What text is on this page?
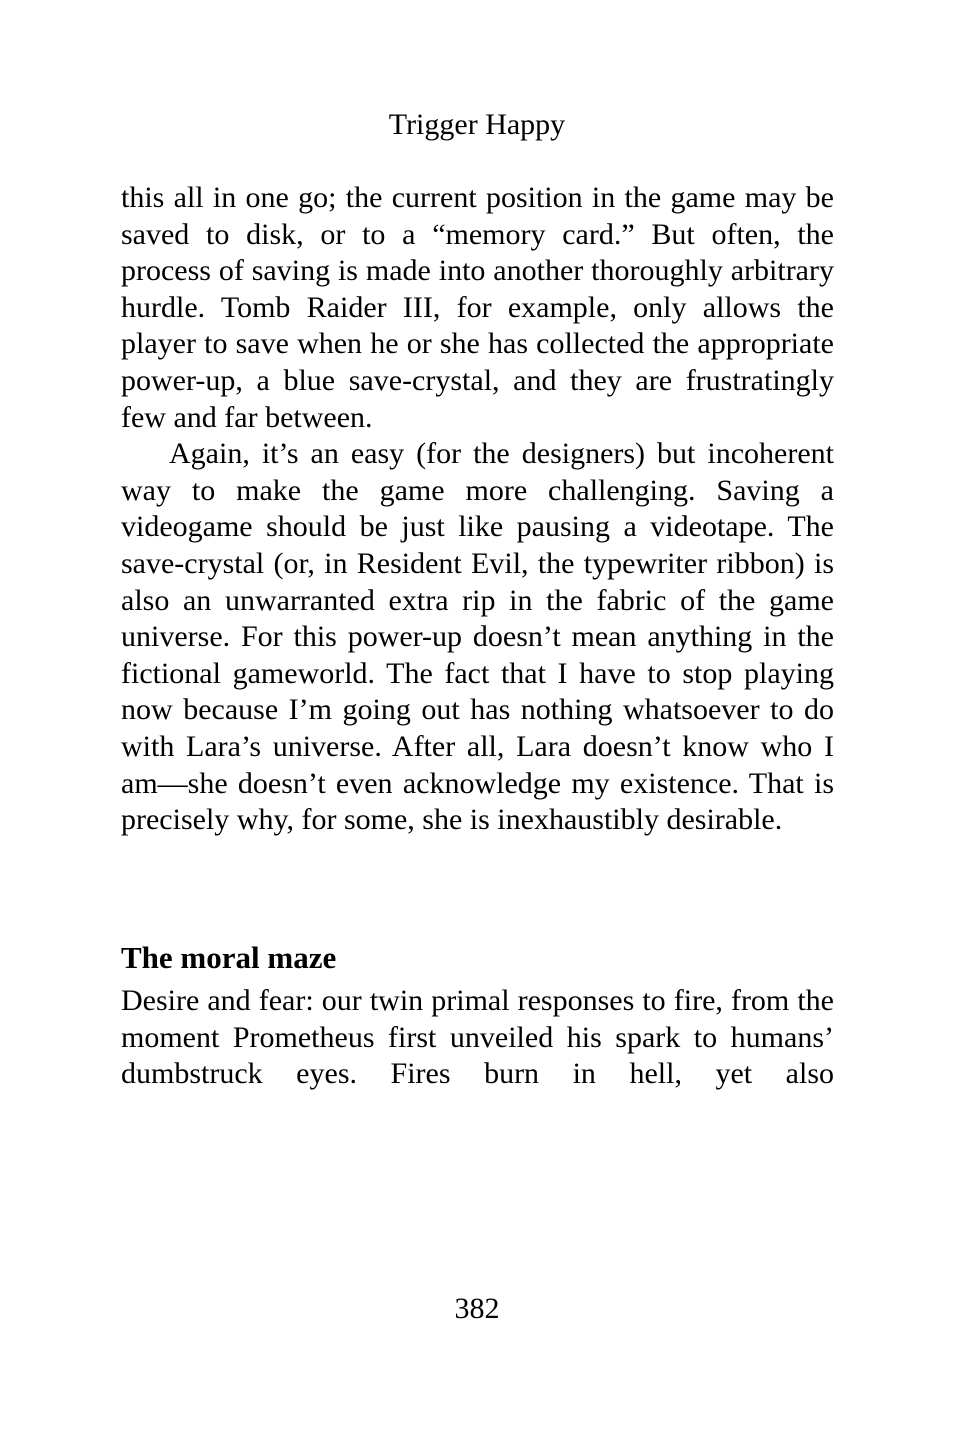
Trigger Happy

this all in one go; the current position in the game may be saved to disk, or to a “memory card.” But often, the process of saving is made into another thoroughly arbitrary hurdle. Tomb Raider III, for example, only allows the player to save when he or she has collected the appropriate power-up, a blue save-crystal, and they are frustratingly few and far between.

Again, it’s an easy (for the designers) but incoherent way to make the game more challenging. Saving a videogame should be just like pausing a videotape. The save-crystal (or, in Resident Evil, the typewriter ribbon) is also an unwarranted extra rip in the fabric of the game universe. For this power-up doesn’t mean anything in the fictional gameworld. The fact that I have to stop playing now because I’m going out has nothing whatsoever to do with Lara’s universe. After all, Lara doesn’t know who I am—she doesn’t even acknowledge my existence. That is precisely why, for some, she is inexhaustibly desirable.

The moral maze

Desire and fear: our twin primal responses to fire, from the moment Prometheus first unveiled his spark to humans’ dumbstruck eyes. Fires burn in hell, yet also

382
